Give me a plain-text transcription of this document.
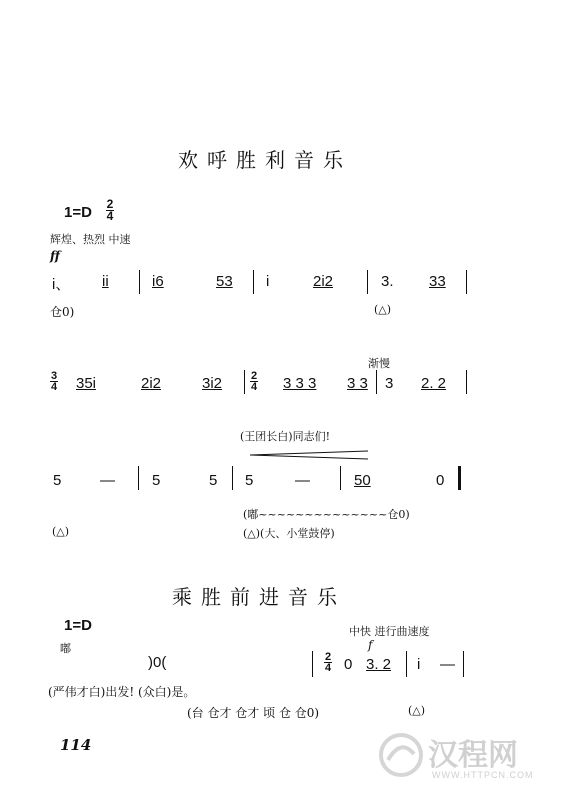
欢呼胜利音乐
1=D 2
4
辉煌、热烈 中速
ff
i、 ii	i6	53 i	2i2	3. 33
仓0)	(△)
渐慢
3
4 35i	2i2	3i2	2
4 3 3 3 3 3 3 2. 2
(王团长白)同志们!
5	— 5	5 5	—	50	0
(嘟~~~~~~~~~~~~~~仓0)
(△)	(△)(大、小堂鼓停)
乘胜前进音乐
1=D	中快 进行曲速度
嘟	f
)0(	2
4 0 3. 2 i —
(严伟才白)出发! (众白)是。
(台 仓才 仓才 顷 仓 仓0)	(△)
114	汉程网
WWW.HTTPCN.COM
